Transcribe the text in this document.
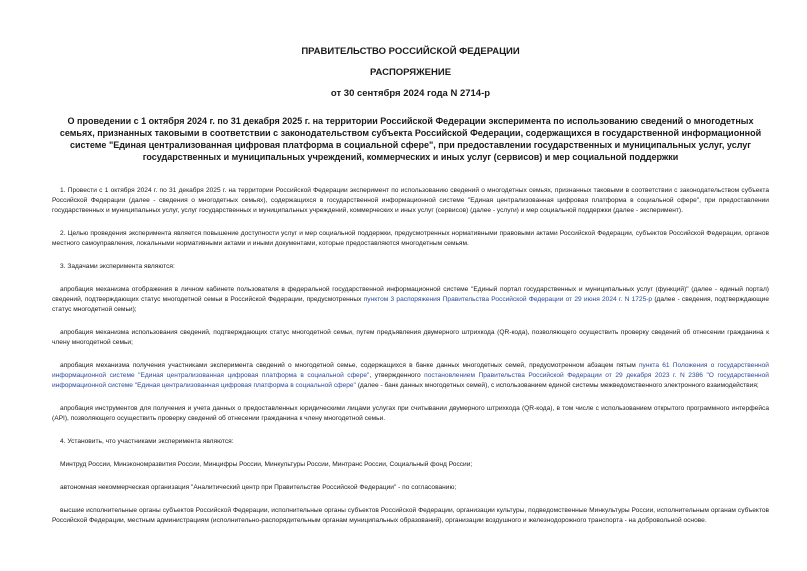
ПРАВИТЕЛЬСТВО РОССИЙСКОЙ ФЕДЕРАЦИИ
РАСПОРЯЖЕНИЕ
от 30 сентября 2024 года N 2714-р
О проведении с 1 октября 2024 г. по 31 декабря 2025 г. на территории Российской Федерации эксперимента по использованию сведений о многодетных семьях, признанных таковыми в соответствии с законодательством субъекта Российской Федерации, содержащихся в государственной информационной системе "Единая централизованная цифровая платформа в социальной сфере", при предоставлении государственных и муниципальных услуг, услуг государственных и муниципальных учреждений, коммерческих и иных услуг (сервисов) и мер социальной поддержки

1. Провести с 1 октября 2024 г. по 31 декабря 2025 г. на территории Российской Федерации эксперимент по использованию сведений о многодетных семьях, признанных таковыми в соответствии с законодательством субъекта Российской Федерации (далее - сведения о многодетных семьях), содержащихся в государственной информационной системе "Единая централизованная цифровая платформа в социальной сфере", при предоставлении государственных и муниципальных услуг, услуг государственных и муниципальных учреждений, коммерческих и иных услуг (сервисов) (далее - услуги) и мер социальной поддержки (далее - эксперимент).

2. Целью проведения эксперимента является повышение доступности услуг и мер социальной поддержки, предусмотренных нормативными правовыми актами Российской Федерации, субъектов Российской Федерации, органов местного самоуправления, локальными нормативными актами и иными документами, которые предоставляются многодетным семьям.

3. Задачами эксперимента являются:

апробация механизма отображения в личном кабинете пользователя в федеральной государственной информационной системе "Единый портал государственных и муниципальных услуг (функций)" (далее - единый портал) сведений, подтверждающих статус многодетной семьи в Российской Федерации, предусмотренных пунктом 3 распоряжения Правительства Российской Федерации от 29 июня 2024 г. N 1725-р (далее - сведения, подтверждающие статус многодетной семьи);

апробация механизма использования сведений, подтверждающих статус многодетной семьи, путем предъявления двумерного штрихкода (QR-кода), позволяющего осуществить проверку сведений об отнесении гражданина к члену многодетной семьи;

апробация механизма получения участниками эксперимента сведений о многодетной семье, содержащихся в банке данных многодетных семей, предусмотренном абзацем пятым пункта 61 Положения о государственной информационной системе "Единая централизованная цифровая платформа в социальной сфере", утвержденного постановлением Правительства Российской Федерации от 29 декабря 2023 г. N 2386 "О государственной информационной системе "Единая централизованная цифровая платформа в социальной сфере" (далее - банк данных многодетных семей), с использованием единой системы межведомственного электронного взаимодействия;

апробация инструментов для получения и учета данных о предоставленных юридическими лицами услугах при считывании двумерного штрихкода (QR-кода), в том числе с использованием открытого программного интерфейса (API), позволяющего осуществить проверку сведений об отнесении гражданина к члену многодетной семьи.

4. Установить, что участниками эксперимента являются:

Минтруд России, Минэкономразвития России, Минцифры России, Минкультуры России, Минтранс России, Социальный фонд России;

автономная некоммерческая организация "Аналитический центр при Правительстве Российской Федерации" - по согласованию;

высшие исполнительные органы субъектов Российской Федерации, исполнительные органы субъектов Российской Федерации, организации культуры, подведомственные Минкультуры России, исполнительным органам субъектов Российской Федерации, местным администрациям (исполнительно-распорядительным органам муниципальных образований), организации воздушного и железнодорожного транспорта - на добровольной основе.
